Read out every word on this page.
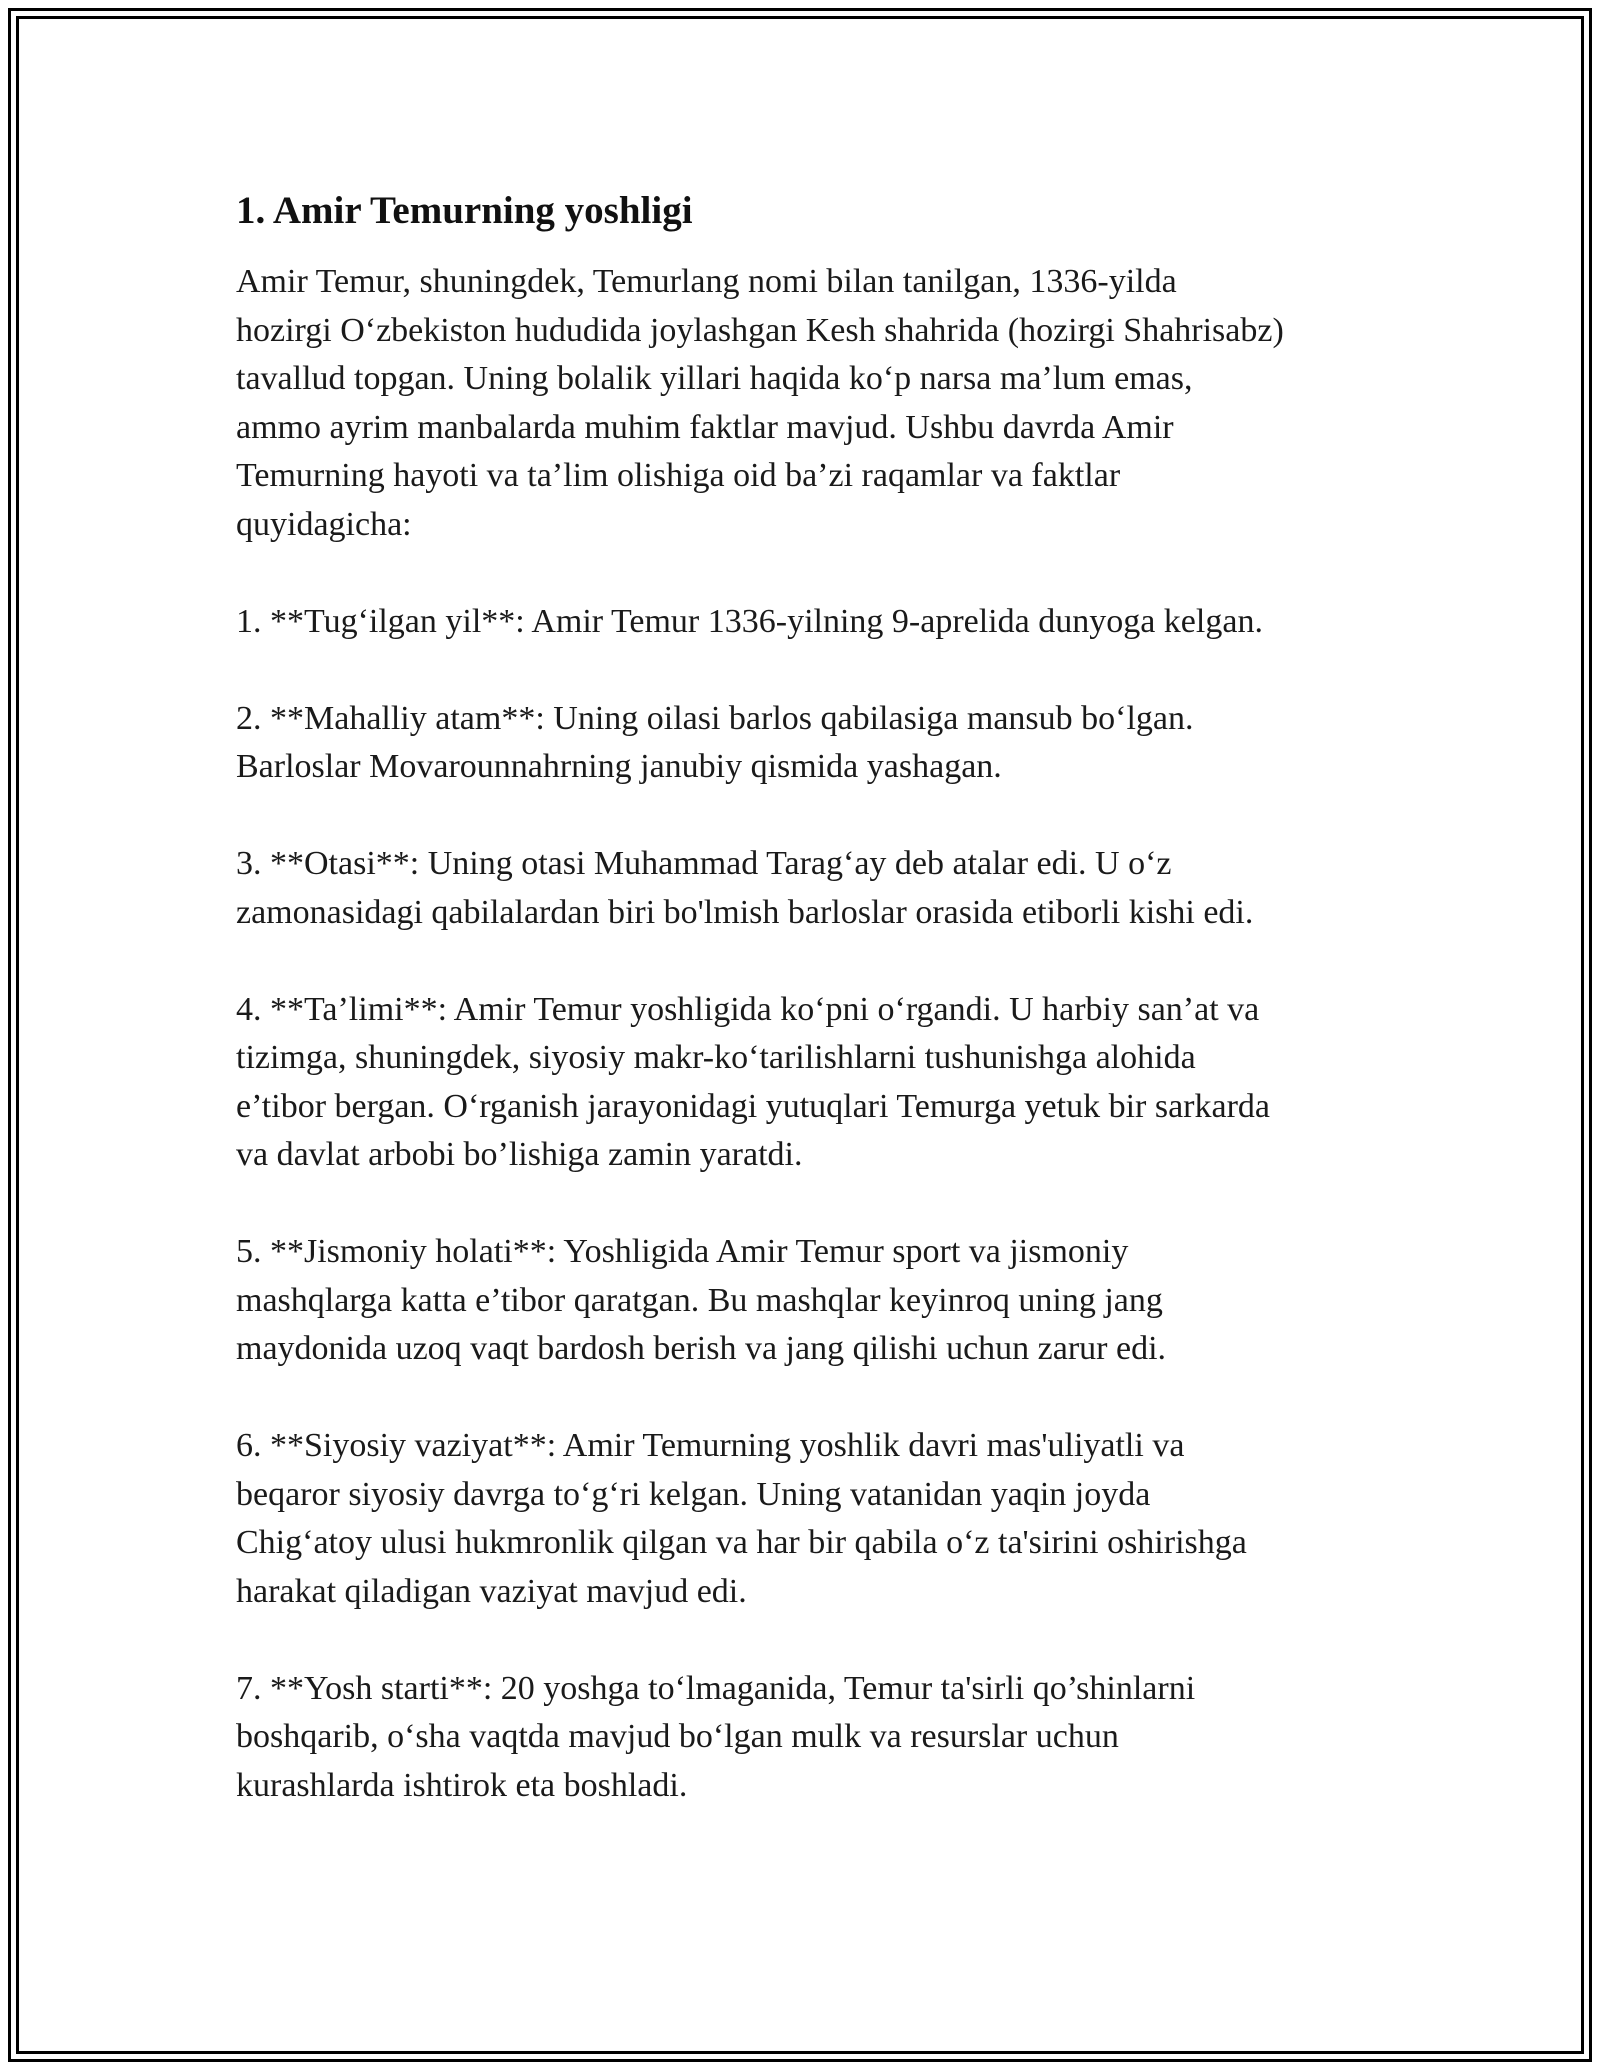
1. Amir Temurning yoshligi

Amir Temur, shuningdek, Temurlang nomi bilan tanilgan, 1336-yilda
hozirgi O‘zbekiston hududida joylashgan Kesh shahrida (hozirgi Shahrisabz)
tavallud topgan. Uning bolalik yillari haqida ko‘p narsa ma’lum emas,
ammo ayrim manbalarda muhim faktlar mavjud. Ushbu davrda Amir
Temurning hayoti va ta’lim olishiga oid ba’zi raqamlar va faktlar
quyidagicha:

1. **Tug‘ilgan yil**: Amir Temur 1336-yilning 9-aprelida dunyoga kelgan.

2. **Mahalliy atam**: Uning oilasi barlos qabilasiga mansub bo‘lgan.
Barloslar Movarounnahrning janubiy qismida yashagan.

3. **Otasi**: Uning otasi Muhammad Tarag‘ay deb atalar edi. U o‘z
zamonasidagi qabilalardan biri bo'lmish barloslar orasida etiborli kishi edi.

4. **Ta’limi**: Amir Temur yoshligida ko‘pni o‘rgandi. U harbiy san’at va
tizimga, shuningdek, siyosiy makr-ko‘tarilishlarni tushunishga alohida
e’tibor bergan. O‘rganish jarayonidagi yutuqlari Temurga yetuk bir sarkarda
va davlat arbobi bo’lishiga zamin yaratdi.

5. **Jismoniy holati**: Yoshligida Amir Temur sport va jismoniy
mashqlarga katta e’tibor qaratgan. Bu mashqlar keyinroq uning jang
maydonida uzoq vaqt bardosh berish va jang qilishi uchun zarur edi.

6. **Siyosiy vaziyat**: Amir Temurning yoshlik davri mas'uliyatli va
beqaror siyosiy davrga to‘g‘ri kelgan. Uning vatanidan yaqin joyda
Chig‘atoy ulusi hukmronlik qilgan va har bir qabila o‘z ta'sirini oshirishga
harakat qiladigan vaziyat mavjud edi.

7. **Yosh starti**: 20 yoshga to‘lmaganida, Temur ta'sirli qo’shinlarni
boshqarib, o‘sha vaqtda mavjud bo‘lgan mulk va resurslar uchun
kurashlarda ishtirok eta boshladi.
